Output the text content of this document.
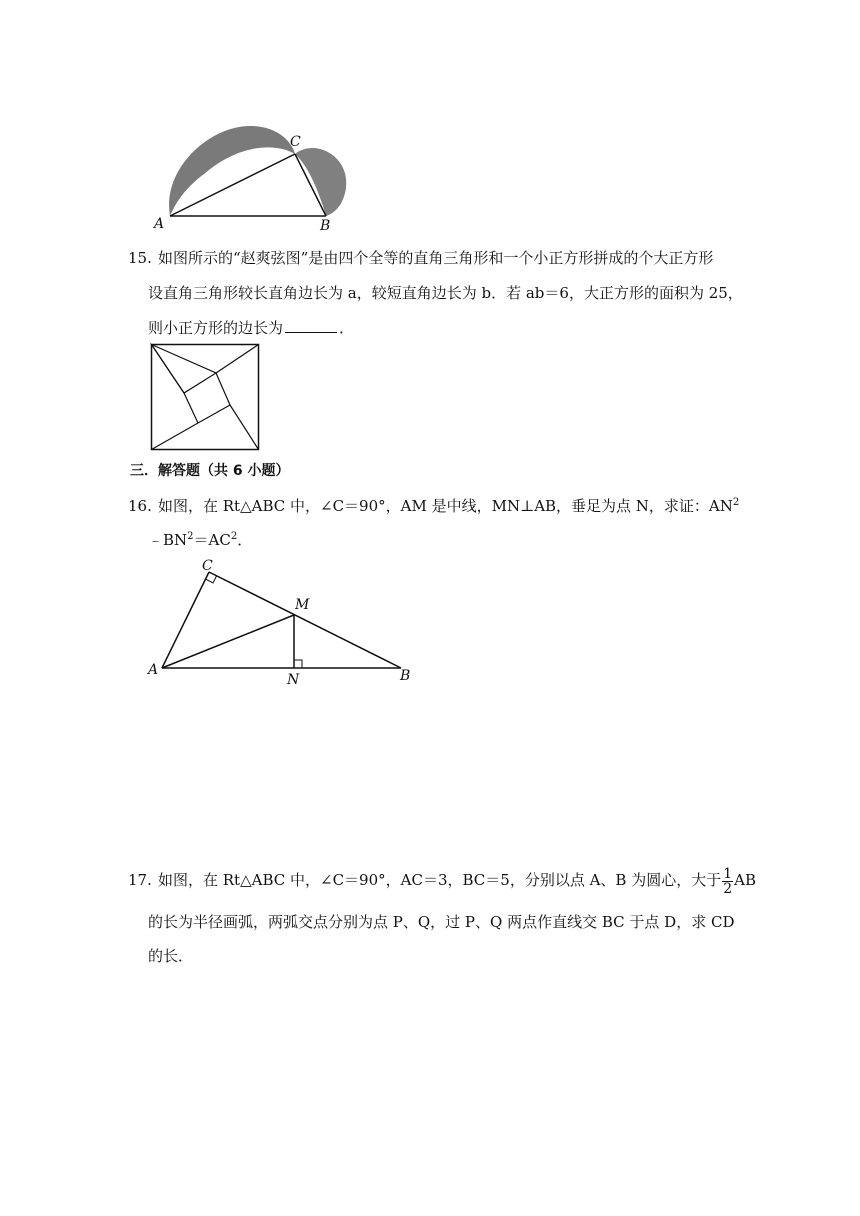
A	B
C
15. 如图所示的“赵爽弦图”是由四个全等的直角三角形和一个小正方形拼成的个大正方形
设直角三角形较长直角边长为 a，较短直角边长为 b．若 ab＝6，大正方形的面积为 25，
则小正方形的边长为	．
三．解答题（共 6 小题）
16. 如图，在 Rt△ABC 中，∠C＝90°，AM 是中线，MN⊥AB，垂足为点 N，求证：$AN^2$
$﹣BN^2=AC^2$．
A	B
C
M
N
17. 如图，在 Rt△ABC 中，∠C＝90°，AC＝3，BC＝5，分别以点 A、B 为圆心，大于 $\frac{1}{2}$ AB
的长为半径画弧，两弧交点分别为点 P、Q，过 P、Q 两点作直线交 BC 于点 D，求 CD
的长．
